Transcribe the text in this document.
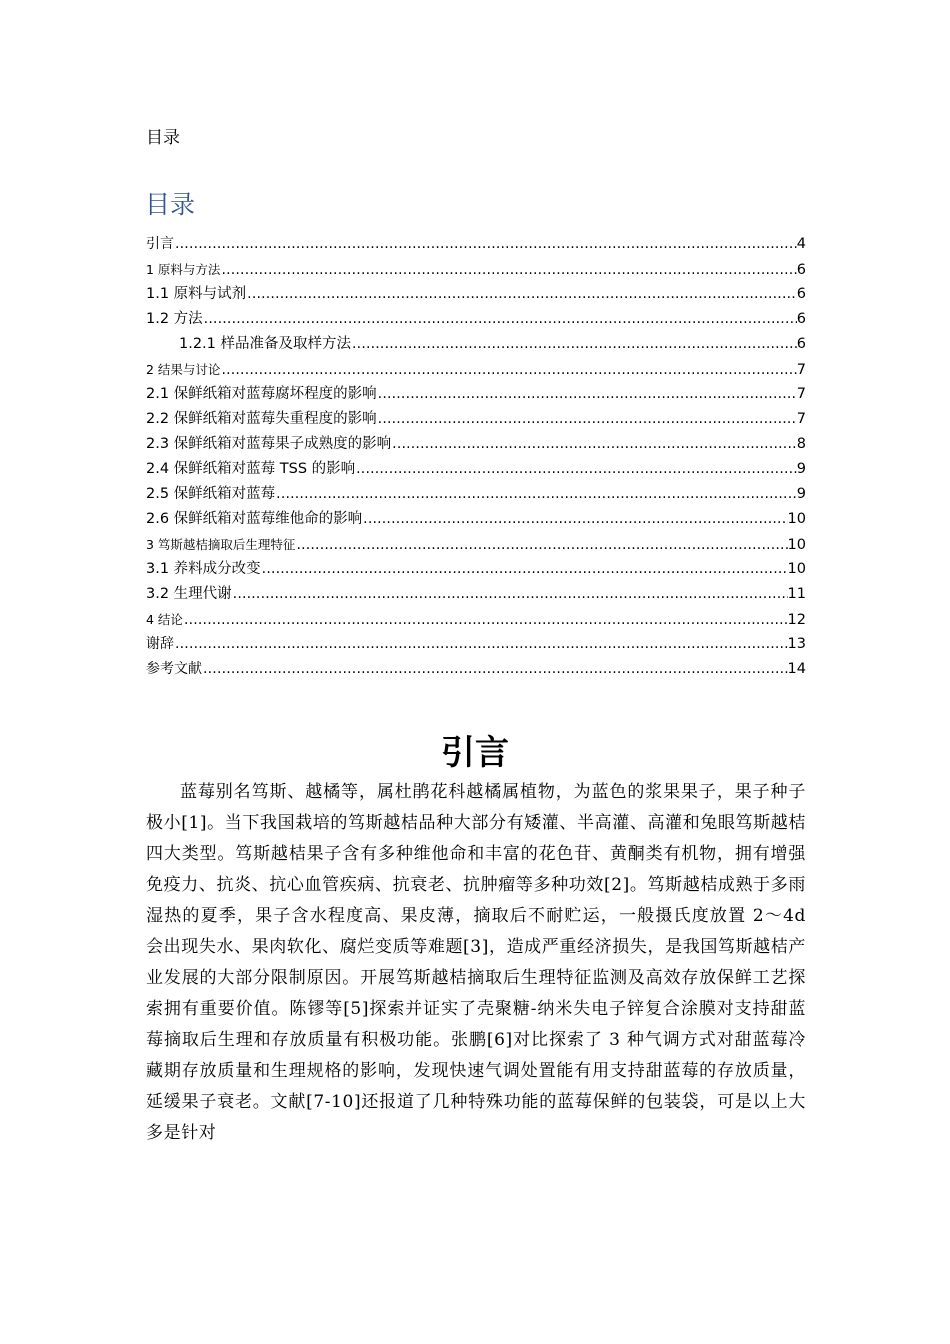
目录
目录
引言 .....	4
1 原料与方法 .....	6
1.1 原料与试剂 .....	6
1.2 方法 .....	6
1.2.1 样品准备及取样方法 .....	6
2 结果与讨论 .....	7
2.1 保鲜纸箱对蓝莓腐坏程度的影响 .....	7
2.2 保鲜纸箱对蓝莓失重程度的影响 .....	7
2.3 保鲜纸箱对蓝莓果子成熟度的影响 .....	8
2.4 保鲜纸箱对蓝莓 TSS 的影响 .....	9
2.5 保鲜纸箱对蓝莓 .....	9
2.6 保鲜纸箱对蓝莓维他命的影响 .....	10
3 笃斯越桔摘取后生理特征 .....	10
3.1 养料成分改变 .....	10
3.2 生理代谢 .....	11
4 结论 .....	12
谢辞 .....	13
参考文献 .....	14
引言
蓝莓别名笃斯、越橘等，属杜鹃花科越橘属植物，为蓝色的浆果果子，果子种子极小[1]。当下我国栽培的笃斯越桔品种大部分有矮灌、半高灌、高灌和兔眼笃斯越桔四大类型。笃斯越桔果子含有多种维他命和丰富的花色苷、黄酮类有机物，拥有增强免疫力、抗炎、抗心血管疾病、抗衰老、抗肿瘤等多种功效[2]。笃斯越桔成熟于多雨湿热的夏季，果子含水程度高、果皮薄，摘取后不耐贮运，一般摄氏度放置 2～4d 会出现失水、果肉软化、腐烂变质等难题[3]，造成严重经济损失，是我国笃斯越桔产业发展的大部分限制原因。开展笃斯越桔摘取后生理特征监测及高效存放保鲜工艺探索拥有重要价值。陈镠等[5]探索并证实了壳聚糖-纳米失电子锌复合涂膜对支持甜蓝莓摘取后生理和存放质量有积极功能。张鹏[6]对比探索了 3 种气调方式对甜蓝莓冷藏期存放质量和生理规格的影响，发现快速气调处置能有用支持甜蓝莓的存放质量，延缓果子衰老。文献[7-10]还报道了几种特殊功能的蓝莓保鲜的包装袋，可是以上大多是针对
